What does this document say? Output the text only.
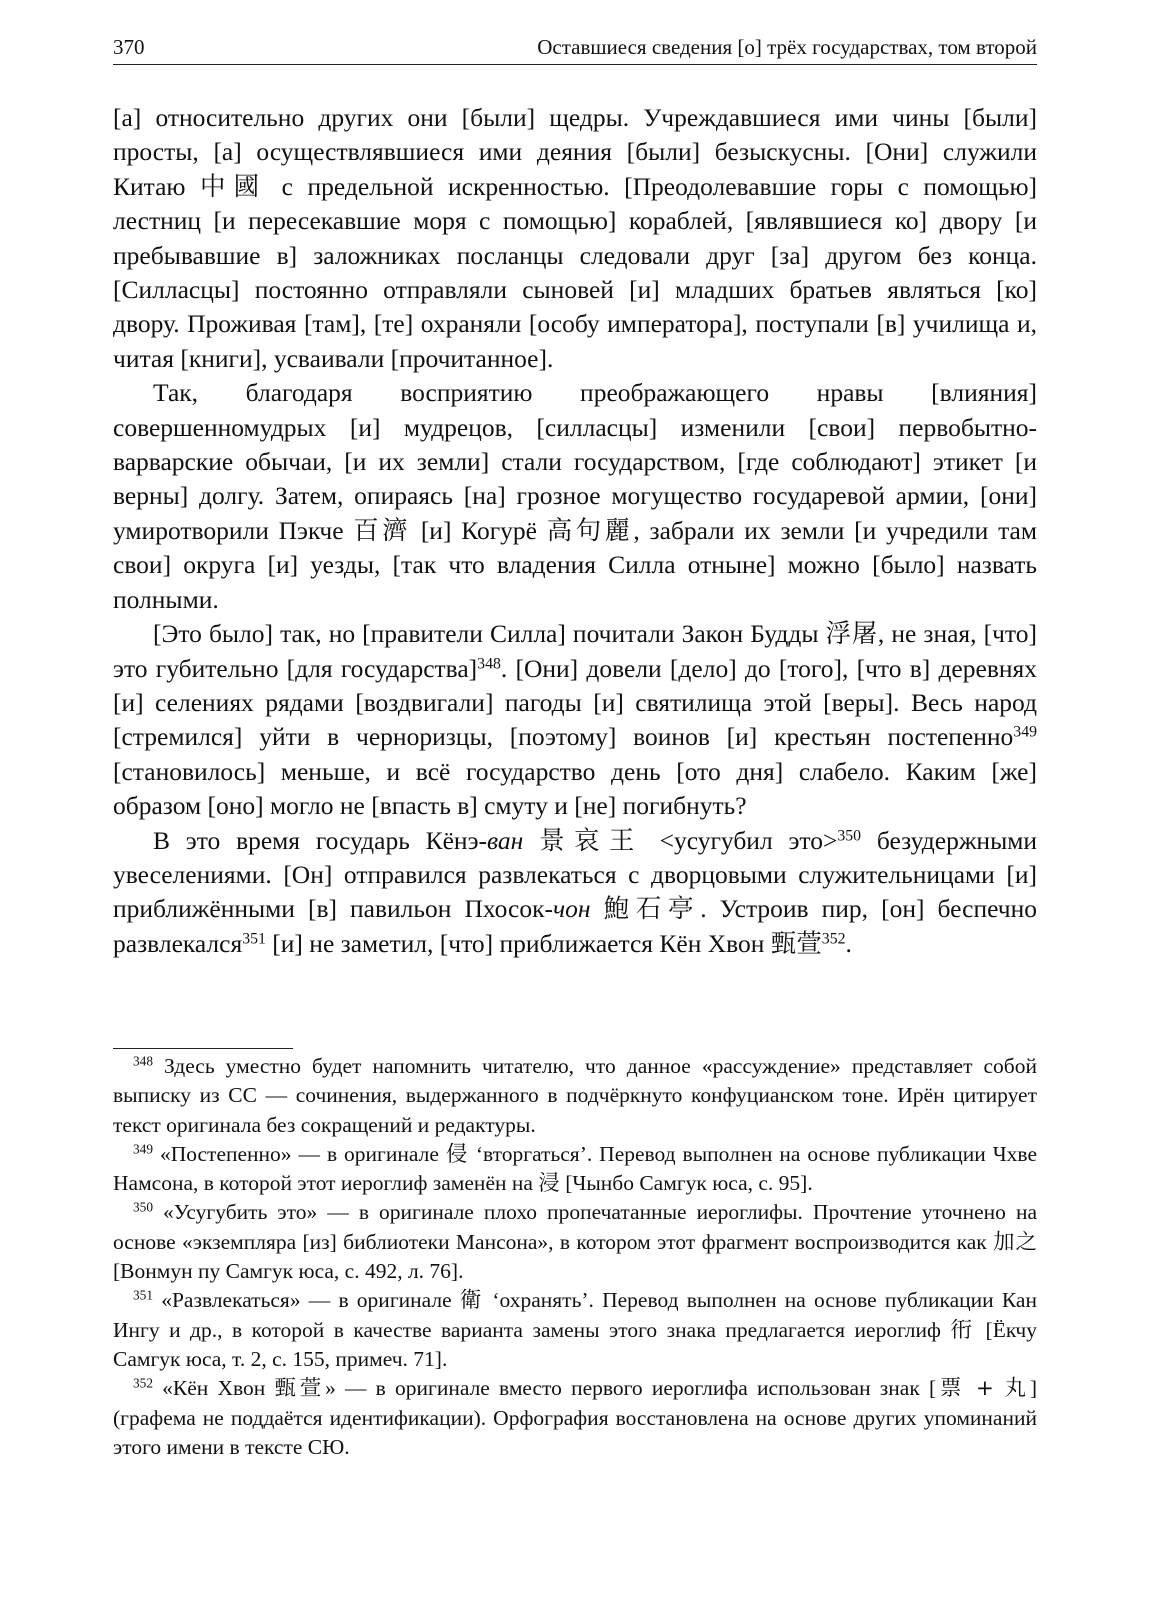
370	Оставшиеся сведения [о] трёх государствах, том второй

[а] относительно других они [были] щедры. Учреждавшиеся ими чины [были] просты, [а] осуществлявшиеся ими деяния [были] безыскусны. [Они] служили Китаю 中國 с предельной искренностью. [Преодолевавшие горы с помощью] лестниц [и пересекавшие моря с помощью] кораблей, [являвшиеся ко] двору [и пребывавшие в] заложниках посланцы следовали друг [за] другом без конца. [Силласцы] постоянно отправляли сыновей [и] младших братьев являться [ко] двору. Проживая [там], [те] охраняли [особу императора], поступали [в] училища и, читая [книги], усваивали [прочитанное].

Так, благодаря восприятию преображающего нравы [влияния] совершенномудрых [и] мудрецов, [силласцы] изменили [свои] первобытно-варварские обычаи, [и их земли] стали государством, [где соблюдают] этикет [и верны] долгу. Затем, опираясь [на] грозное могущество государевой армии, [они] умиротворили Пэкче 百濟 [и] Когурё 高句麗, забрали их земли [и учредили там свои] округа [и] уезды, [так что владения Силла отныне] можно [было] назвать полными.

[Это было] так, но [правители Силла] почитали Закон Будды 浮屠, не зная, [что] это губительно [для государства]$^{348}$. [Они] довели [дело] до [того], [что в] деревнях [и] селениях рядами [воздвигали] пагоды [и] святилища этой [веры]. Весь народ [стремился] уйти в черноризцы, [поэтому] воинов [и] крестьян постепенно$^{349}$ [становилось] меньше, и всё государство день [ото дня] слабело. Каким [же] образом [оно] могло не [впасть в] смуту и [не] погибнуть?

В это время государь Кёнэ-ван 景哀王 <усугубил это>$^{350}$ безудержными увеселениями. [Он] отправился развлекаться с дворцовыми служительницами [и] приближёнными [в] павильон Пхосок-чон 鮑石亭. Устроив пир, [он] беспечно развлекался$^{351}$ [и] не заметил, [что] приближается Кён Хвон 甄萱$^{352}$.

$^{348}$ Здесь уместно будет напомнить читателю, что данное «рассуждение» представляет собой выписку из СС — сочинения, выдержанного в подчёркнуто конфуцианском тоне. Ирён цитирует текст оригинала без сокращений и редактуры.

$^{349}$ «Постепенно» — в оригинале 侵 ‘вторгаться’. Перевод выполнен на основе публикации Чхве Намсона, в которой этот иероглиф заменён на 浸 [Чынбо Самгук юса, с. 95].

$^{350}$ «Усугубить это» — в оригинале плохо пропечатанные иероглифы. Прочтение уточнено на основе «экземпляра [из] библиотеки Мансона», в котором этот фрагмент воспроизводится как 加之 [Вонмун пу Самгук юса, с. 492, л. 76].

$^{351}$ «Развлекаться» — в оригинале 衛 ‘охранять’. Перевод выполнен на основе публикации Кан Ингу и др., в которой в качестве варианта замены этого знака предлагается иероглиф 衎 [Ёкчу Самгук юса, т. 2, с. 155, примеч. 71].

$^{352}$ «Кён Хвон 甄萱» — в оригинале вместо первого иероглифа использован знак [票 + 丸] (графема не поддаётся идентификации). Орфография восстановлена на основе других упоминаний этого имени в тексте СЮ.
